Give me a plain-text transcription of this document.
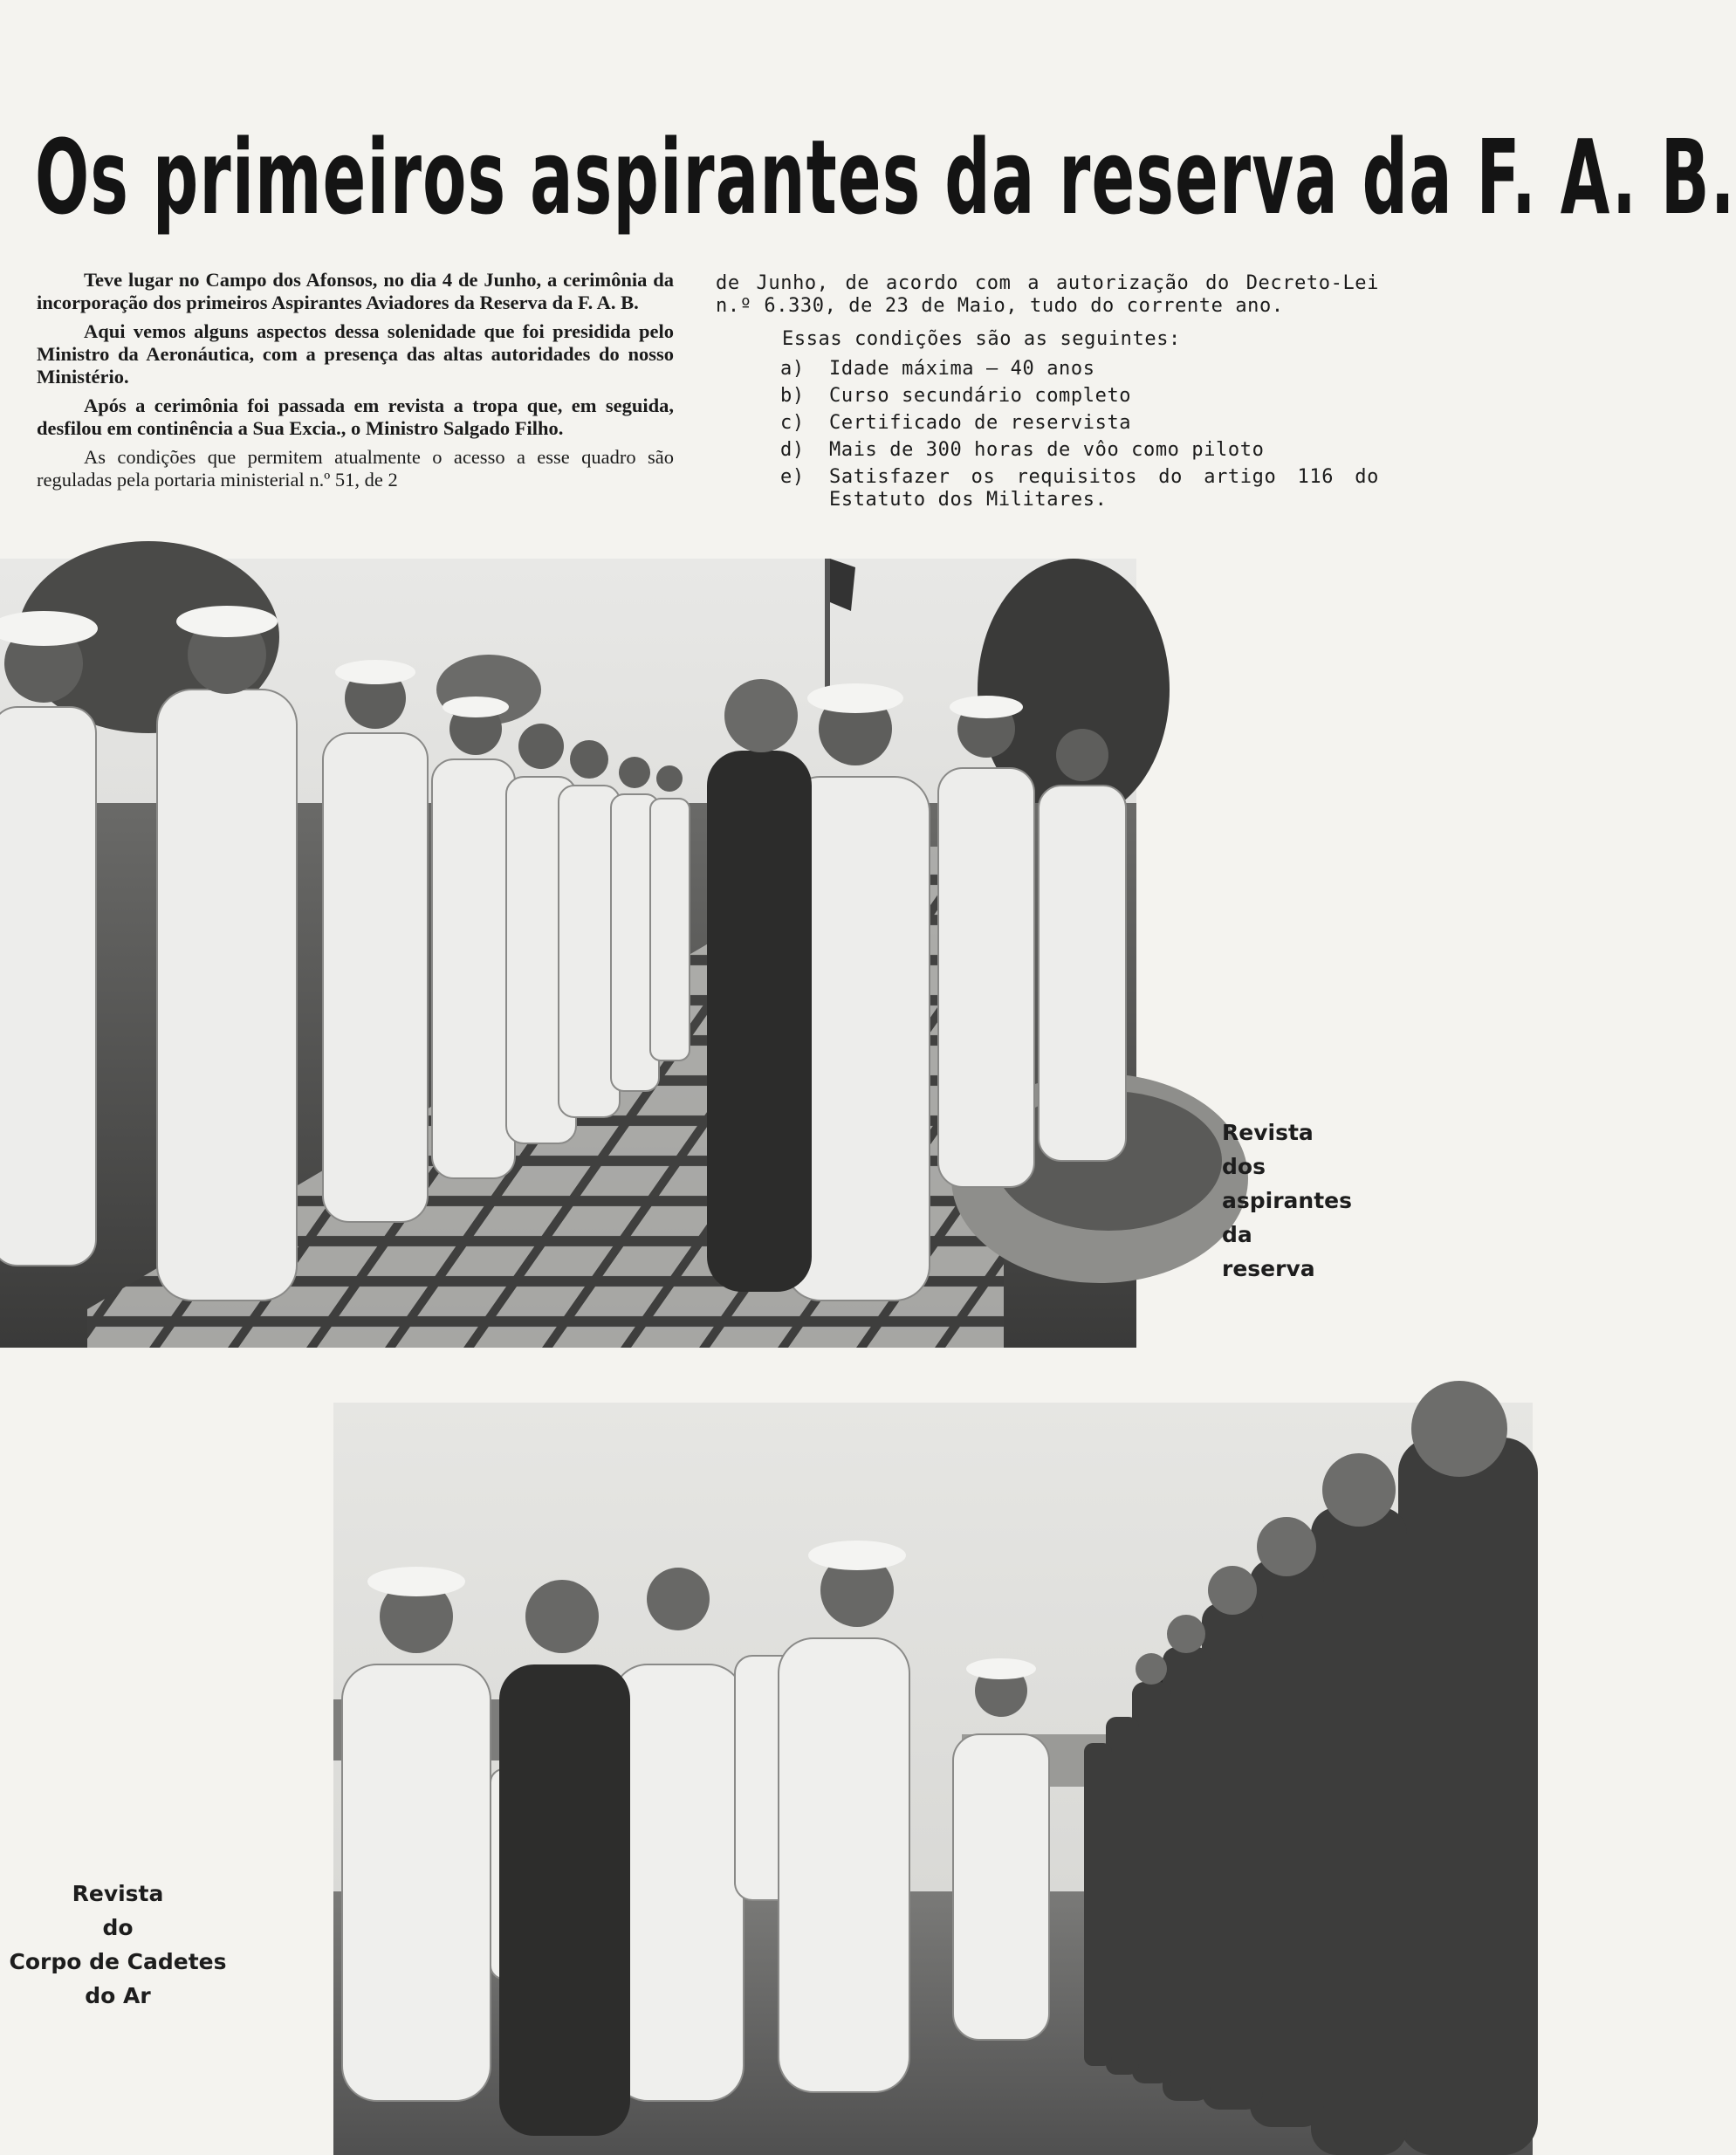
Os primeiros aspirantes da reserva da F. A. B.

Teve lugar no Campo dos Afonsos, no dia 4 de Junho, a cerimônia da incorporação dos primeiros Aspirantes Aviadores da Reserva da F. A. B.

Aqui vemos alguns aspectos dessa solenidade que foi presidida pelo Ministro da Aeronáutica, com a presença das altas autoridades do nosso Ministério.

Após a cerimônia foi passada em revista a tropa que, em seguida, desfilou em continência a Sua Excia., o Ministro Salgado Filho.

As condições que permitem atualmente o acesso a esse quadro são reguladas pela portaria ministerial n.º 51, de 2

de Junho, de acordo com a autorização do Decreto-Lei n.º 6.330, de 23 de Maio, tudo do corrente ano.

Essas condições são as seguintes:

a)	Idade máxima — 40 anos
b)	Curso secundário completo
c)	Certificado de reservista
d)	Mais de 300 horas de vôo como piloto
e)	Satisfazer os requisitos do artigo 116 do Estatuto dos Militares.
Revista
dos
aspirantes
da
reserva
Revista
do
Corpo de Cadetes
do Ar
